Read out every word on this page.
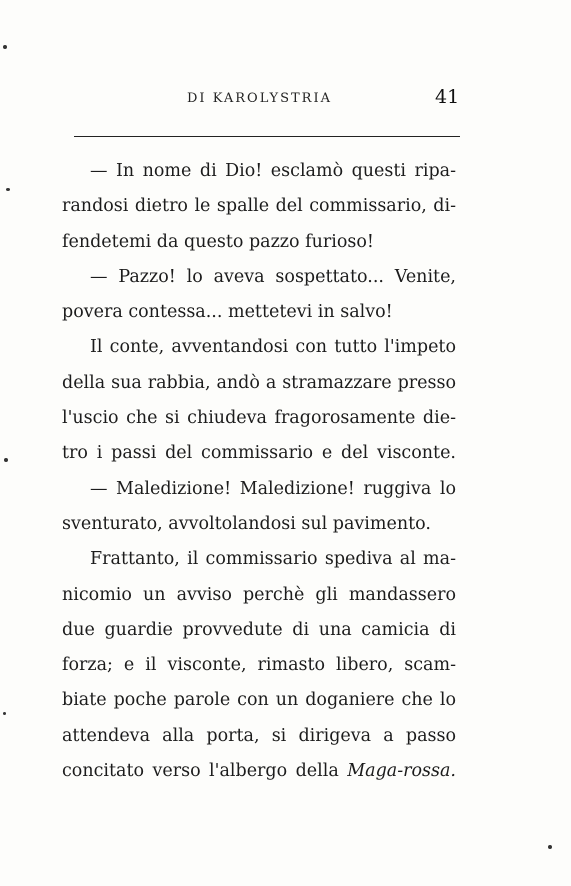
DI KAROLYSTRIA	41
— In nome di Dio! esclamò questi ripa-
randosi dietro le spalle del commissario, di-
fendetemi da questo pazzo furioso!
— Pazzo! lo aveva sospettato... Venite,
povera contessa... mettetevi in salvo!
Il conte, avventandosi con tutto l'impeto
della sua rabbia, andò a stramazzare presso
l'uscio che si chiudeva fragorosamente die-
tro i passi del commissario e del visconte.
— Maledizione! Maledizione! ruggiva lo
sventurato, avvoltolandosi sul pavimento.
Frattanto, il commissario spediva al ma-
nicomio un avviso perchè gli mandassero
due guardie provvedute di una camicia di
forza; e il visconte, rimasto libero, scam-
biate poche parole con un doganiere che lo
attendeva alla porta, si dirigeva a passo
concitato verso l'albergo della Maga-rossa.
